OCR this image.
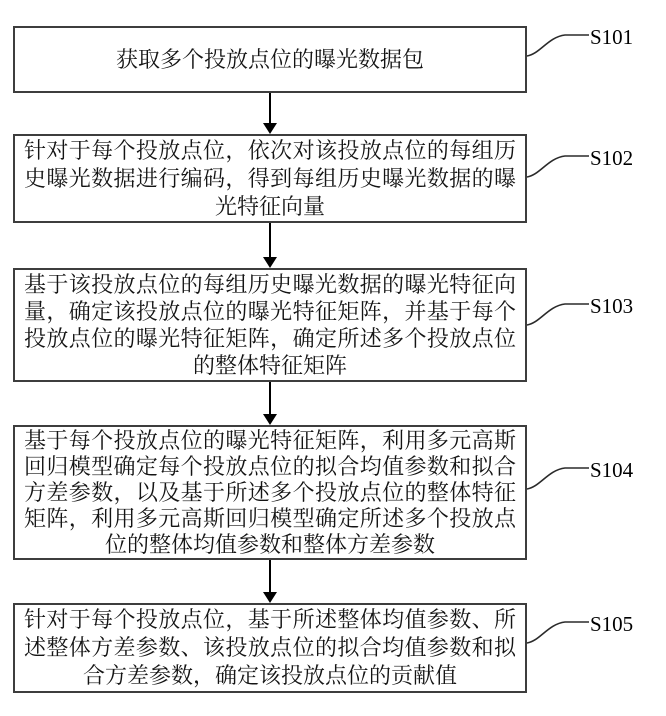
获取多个投放点位的曝光数据包
针对于每个投放点位，依次对该投放点位的每组历史曝光数据进行编码，得到每组历史曝光数据的曝光特征向量
基于该投放点位的每组历史曝光数据的曝光特征向量，确定该投放点位的曝光特征矩阵，并基于每个投放点位的曝光特征矩阵，确定所述多个投放点位的整体特征矩阵
基于每个投放点位的曝光特征矩阵，利用多元高斯回归模型确定每个投放点位的拟合均值参数和拟合方差参数，以及基于所述多个投放点位的整体特征矩阵，利用多元高斯回归模型确定所述多个投放点位的整体均值参数和整体方差参数
针对于每个投放点位，基于所述整体均值参数、所述整体方差参数、该投放点位的拟合均值参数和拟合方差参数，确定该投放点位的贡献值
S101
S102
S103
S104
S105
